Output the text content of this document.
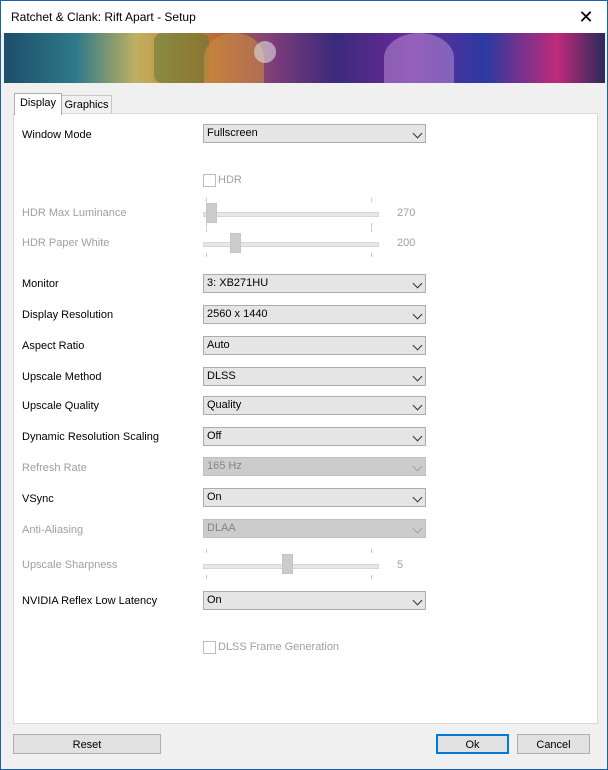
Ratchet & Clank: Rift Apart - Setup	✕
Display Graphics
Window Mode	Fullscreen
HDR
HDR Max Luminance	270
HDR Paper White	200
Monitor	3: XB271HU
Display Resolution	2560 x 1440
Aspect Ratio	Auto
Upscale Method	DLSS
Upscale Quality	Quality
Dynamic Resolution Scaling	Off
Refresh Rate	165 Hz
VSync	On
Anti-Aliasing	DLAA
Upscale Sharpness	5
NVIDIA Reflex Low Latency	On
DLSS Frame Generation
Reset	Ok	Cancel
